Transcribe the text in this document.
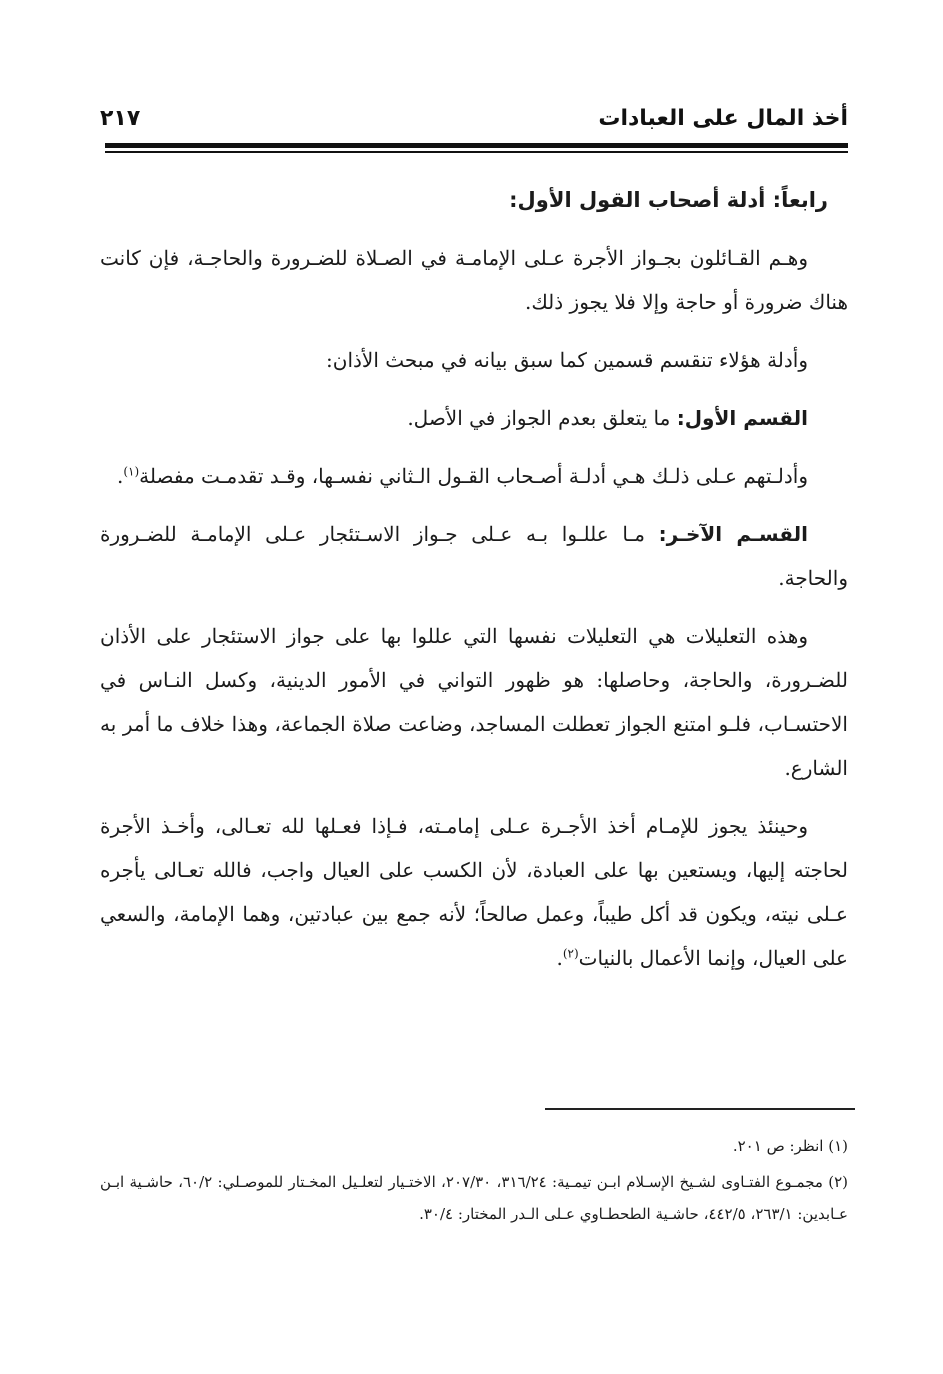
٢١٧	أخذ المال على العبادات

رابعاً: أدلة أصحاب القول الأول:

وهـم القـائلون بجـواز الأجرة عـلى الإمامـة في الصـلاة للضـرورة والحاجـة، فإن كانت هناك ضرورة أو حاجة وإلا فلا يجوز ذلك.

وأدلة هؤلاء تنقسم قسمين كما سبق بيانه في مبحث الأذان:

القسم الأول: ما يتعلق بعدم الجواز في الأصل.

وأدلـتهم عـلى ذلـك هـي أدلـة أصـحاب القـول الـثاني نفسـها، وقـد تقدمـت مفصلة$^{(١)}$.

القسـم الآخـر: مـا عللـوا بـه عـلى جـواز الاسـتئجار عـلى الإمامـة للضـرورة والحاجة.

وهذه التعليلات هي التعليلات نفسها التي عللوا بها على جواز الاستئجار على الأذان للضـرورة، والحاجة، وحاصلها: هو ظهور التواني في الأمور الدينية، وكسل النـاس في الاحتسـاب، فلـو امتنع الجواز تعطلت المساجد، وضاعت صلاة الجماعة، وهذا خلاف ما أمر به الشارع.

وحينئذ يجوز للإمـام أخذ الأجـرة عـلى إمامـته، فـإذا فعـلها لله تعـالى، وأخـذ الأجرة لحاجته إليها، ويستعين بها على العبادة، لأن الكسب على العيال واجب، فالله تعـالى يأجره عـلى نيته، ويكون قد أكل طيباً، وعمل صالحاً؛ لأنه جمع بين عبادتين، وهما الإمامة، والسعي على العيال، وإنما الأعمال بالنيات$^{(٢)}$.

(١) انظر: ص ٢٠١.

(٢) مجمـوع الفتـاوى لشـيخ الإسـلام ابـن تيمـية: ٣١٦/٢٤، ٢٠٧/٣٠، الاختـيار لتعلـيل المخـتار للموصـلي: ٦٠/٢، حاشـية ابـن عـابدين: ٢٦٣/١، ٤٤٢/٥، حاشـية الطحطـاوي عـلى الـدر المختار: ٣٠/٤.
